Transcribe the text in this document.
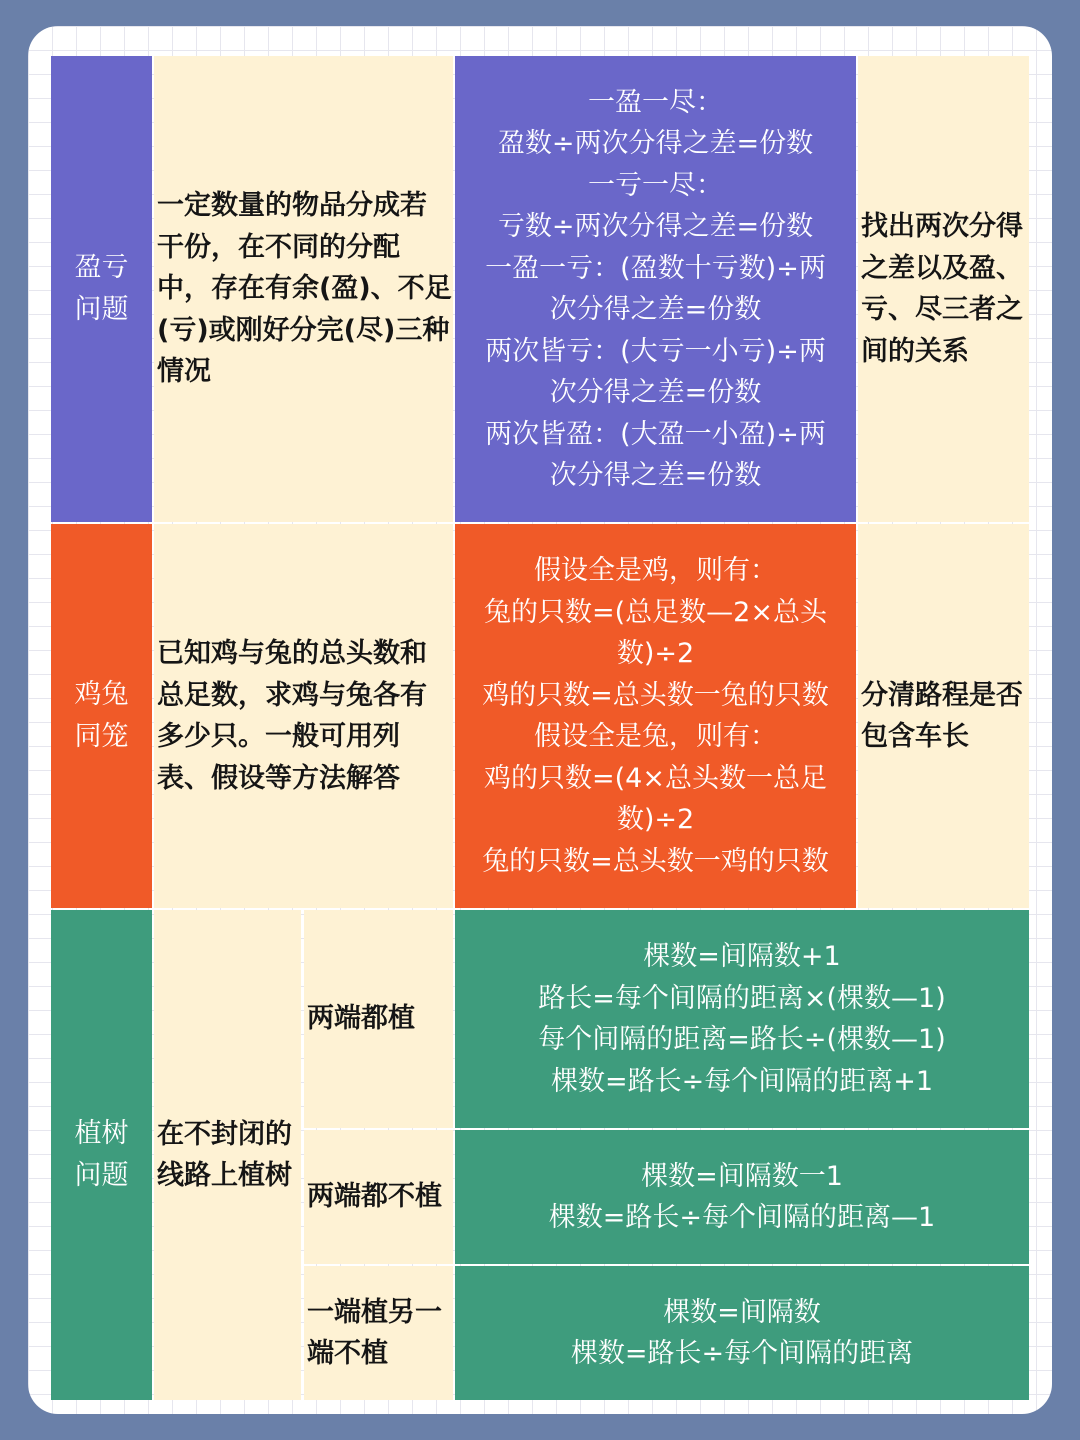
盈亏
问题
一定数量的物品分成若干份，在不同的分配中，存在有余(盈)、不足(亏)或刚好分完(尽)三种情况
一盈一尽：
盈数÷两次分得之差=份数
一亏一尽：
亏数÷两次分得之差=份数
一盈一亏：(盈数十亏数)÷两
次分得之差=份数
两次皆亏：(大亏一小亏)÷两
次分得之差=份数
两次皆盈：(大盈一小盈)÷两
次分得之差=份数
找出两次分得之差以及盈、亏、尽三者之间的关系
鸡兔
同笼
已知鸡与兔的总头数和总足数，求鸡与兔各有多少只。一般可用列表、假设等方法解答
假设全是鸡，则有：
兔的只数=(总足数—2×总头
数)÷2
鸡的只数=总头数一兔的只数
假设全是兔，则有：
鸡的只数=(4×总头数一总足
数)÷2
兔的只数=总头数一鸡的只数
分清路程是否包含车长
植树
问题
在不封闭的线路上植树
两端都植
棵数=间隔数+1
路长=每个间隔的距离×(棵数—1)
每个间隔的距离=路长÷(棵数—1)
棵数=路长÷每个间隔的距离+1
两端都不植
棵数=间隔数一1
棵数=路长÷每个间隔的距离—1
一端植另一端不植
棵数=间隔数
棵数=路长÷每个间隔的距离
